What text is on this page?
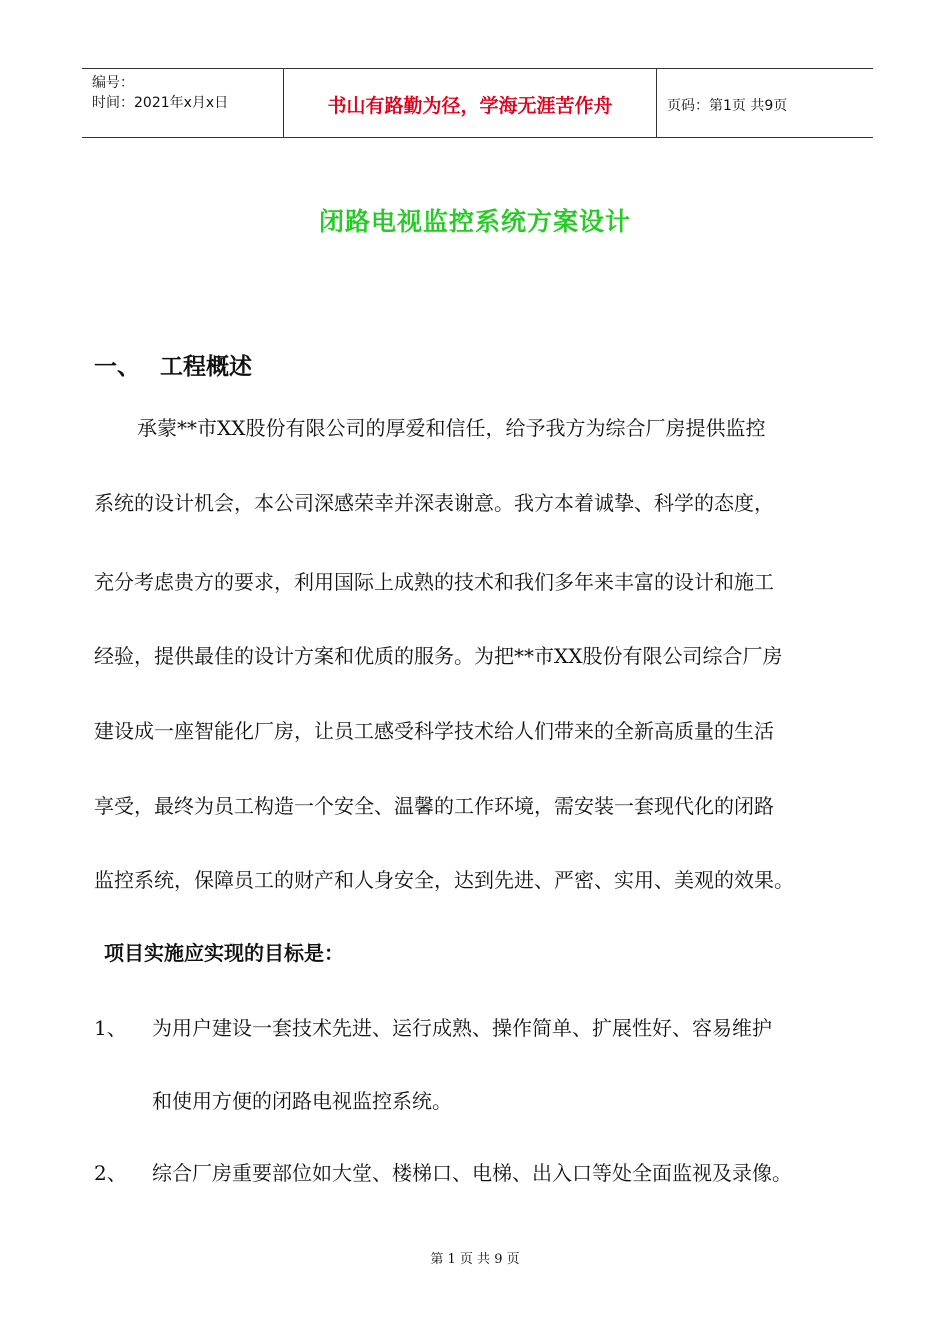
编号：
时间：2021年x月x日	书山有路勤为径，学海无涯苦作舟	页码：第1页 共9页
闭路电视监控系统方案设计
一、 工程概述
承蒙**市XX股份有限公司的厚爱和信任，给予我方为综合厂房提供监控
系统的设计机会，本公司深感荣幸并深表谢意。我方本着诚挚、科学的态度，
充分考虑贵方的要求，利用国际上成熟的技术和我们多年来丰富的设计和施工
经验，提供最佳的设计方案和优质的服务。为把**市XX股份有限公司综合厂房
建设成一座智能化厂房，让员工感受科学技术给人们带来的全新高质量的生活
享受，最终为员工构造一个安全、温馨的工作环境，需安装一套现代化的闭路
监控系统，保障员工的财产和人身安全，达到先进、严密、实用、美观的效果。
项目实施应实现的目标是：
1、 为用户建设一套技术先进、运行成熟、操作简单、扩展性好、容易维护
和使用方便的闭路电视监控系统。
2、 综合厂房重要部位如大堂、楼梯口、电梯、出入口等处全面监视及录像。
第 1 页 共 9 页
